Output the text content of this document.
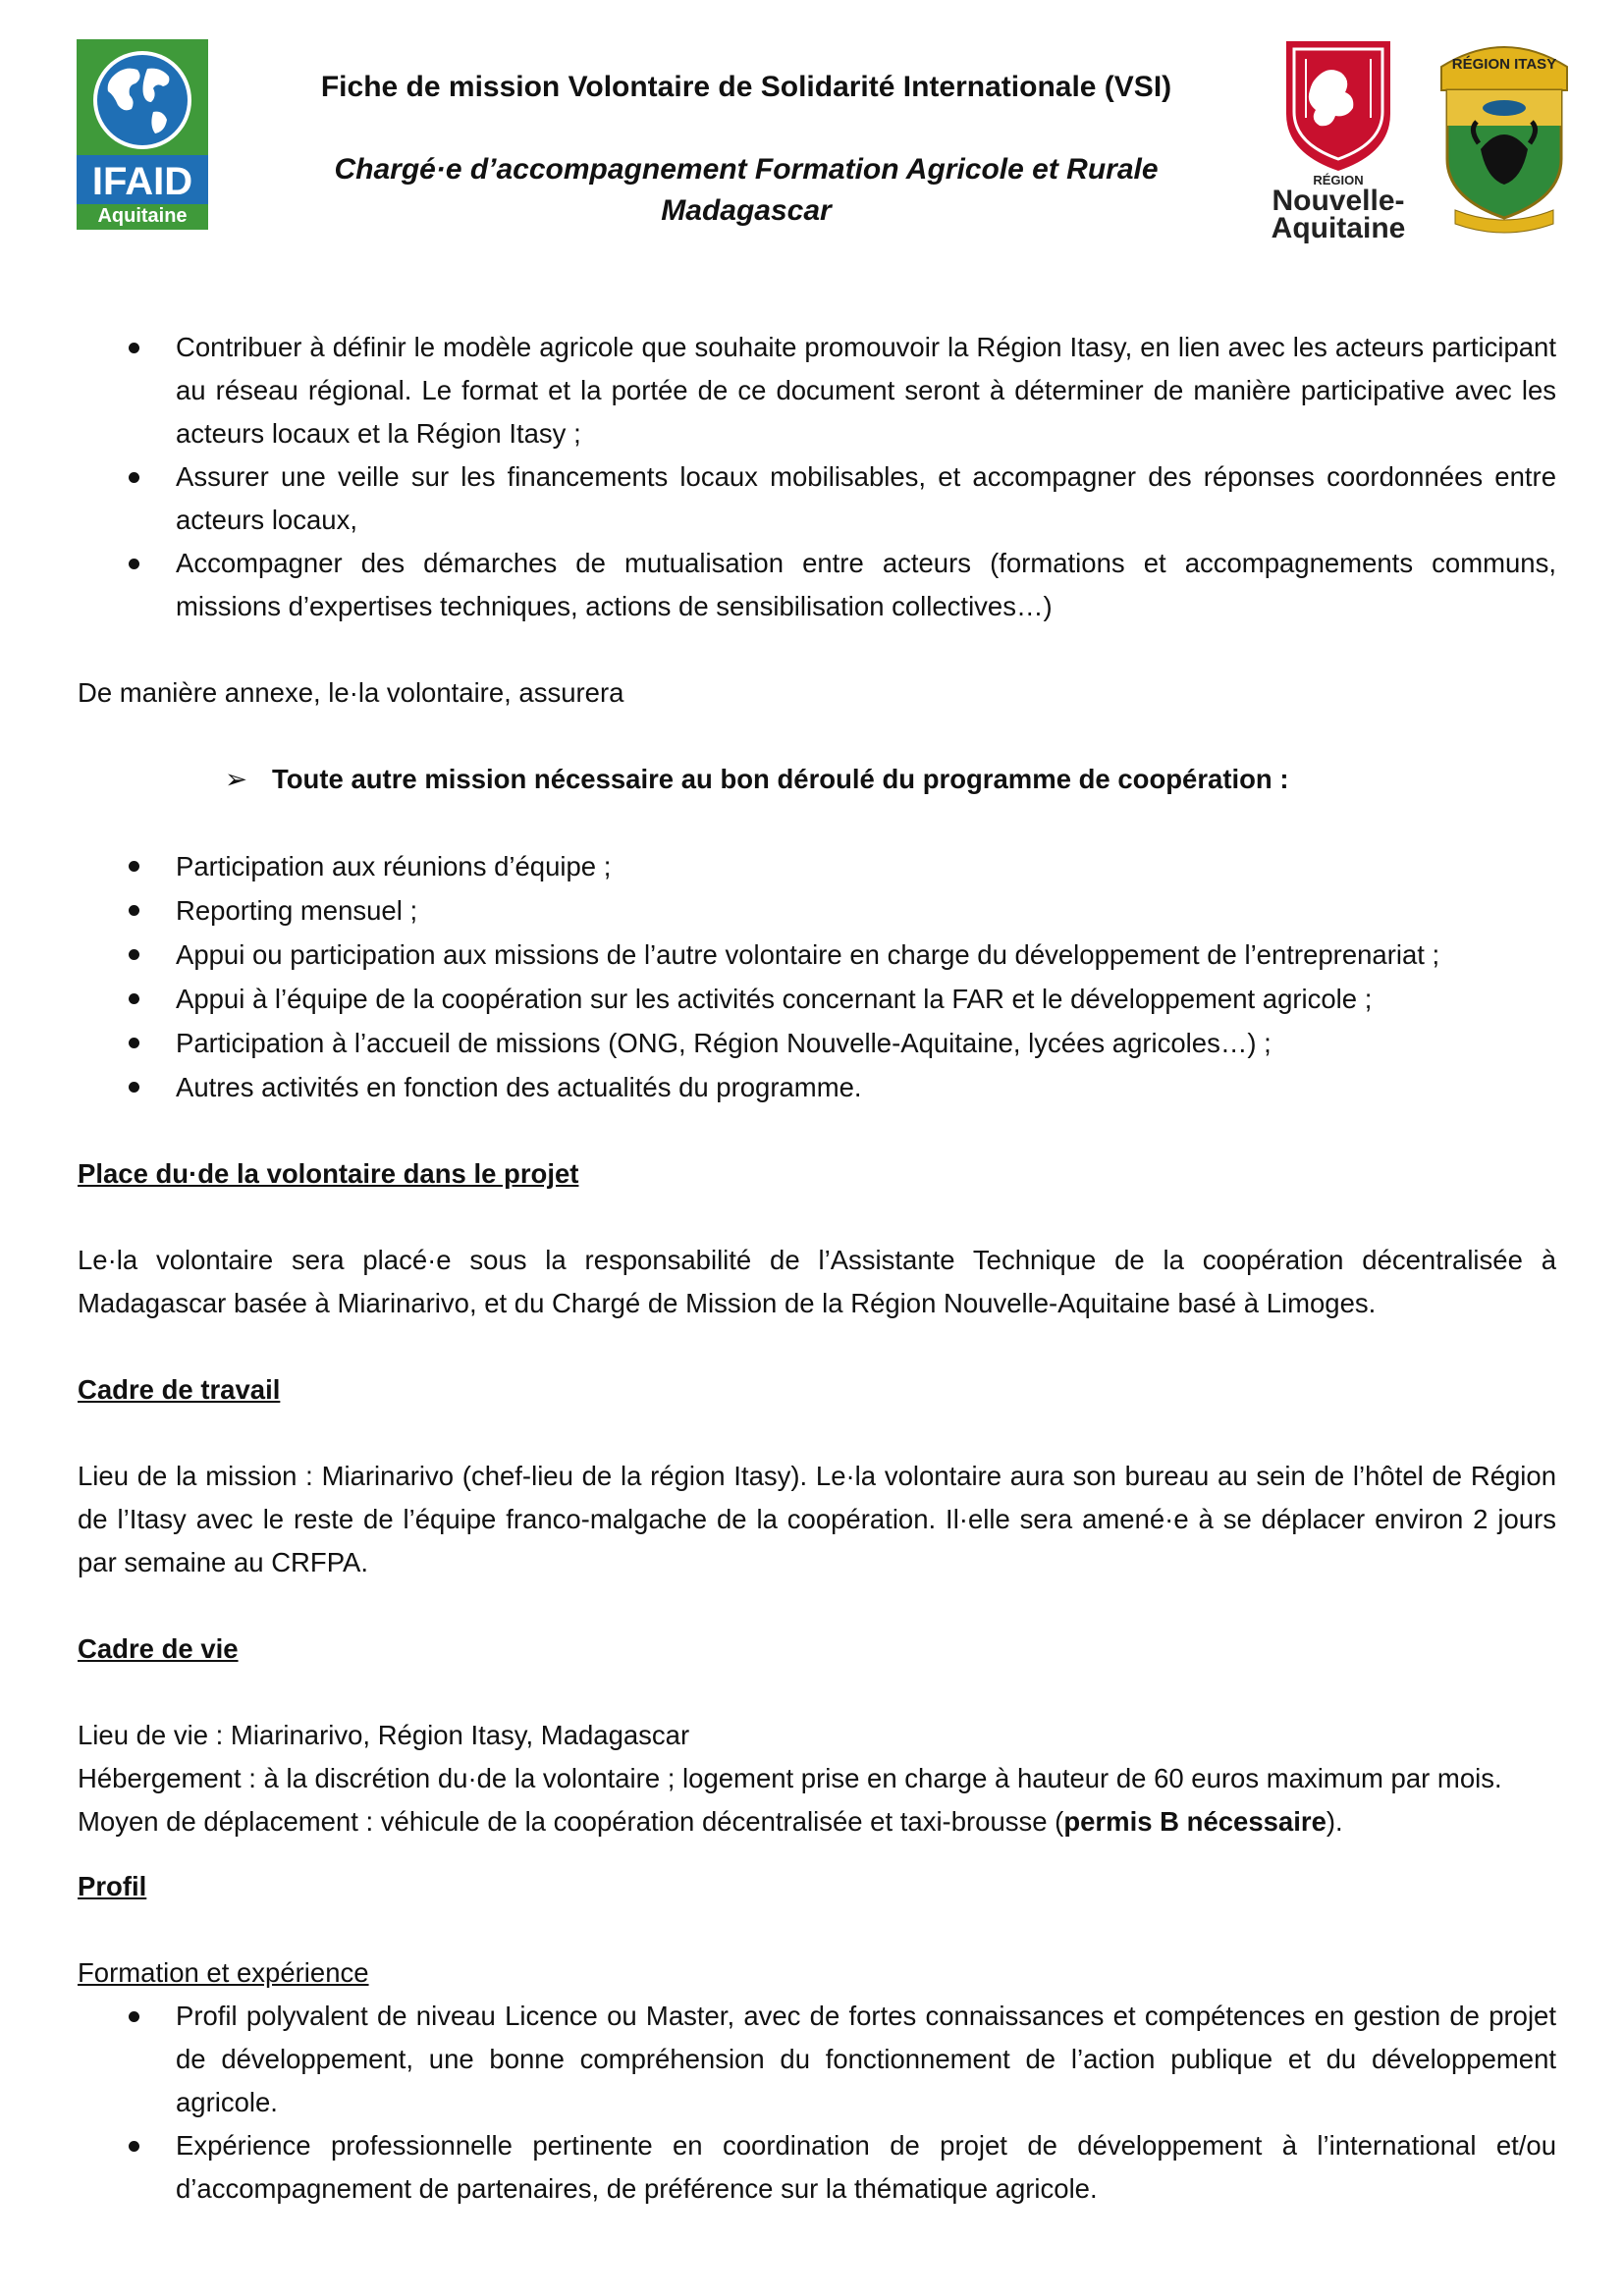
IFAID
Aquitaine
Fiche de mission Volontaire de Solidarité Internationale (VSI)
Chargé·e d’accompagnement Formation Agricole et Rurale
Madagascar
RÉGION
Nouvelle-
Aquitaine
RÉGION ITASY
Contribuer à définir le modèle agricole que souhaite promouvoir la Région Itasy, en lien avec les acteurs participant au réseau régional. Le format et la portée de ce document seront à déterminer de manière participative avec les acteurs locaux et la Région Itasy ;
Assurer une veille sur les financements locaux mobilisables, et accompagner des réponses coordonnées entre acteurs locaux,
Accompagner des démarches de mutualisation entre acteurs (formations et accompagnements communs, missions d’expertises techniques, actions de sensibilisation collectives…)

De manière annexe, le·la volontaire, assurera

➢ Toute autre mission nécessaire au bon déroulé du programme de coopération :
Participation aux réunions d’équipe ;
Reporting mensuel ;
Appui ou participation aux missions de l’autre volontaire en charge du développement de l’entreprenariat ;
Appui à l’équipe de la coopération sur les activités concernant la FAR et le développement agricole ;
Participation à l’accueil de missions (ONG, Région Nouvelle-Aquitaine, lycées agricoles…) ;
Autres activités en fonction des actualités du programme.

Place du·de la volontaire dans le projet

Le·la volontaire sera placé·e sous la responsabilité de l’Assistante Technique de la coopération décentralisée à Madagascar basée à Miarinarivo, et du Chargé de Mission de la Région Nouvelle-Aquitaine basé à Limoges.

Cadre de travail

Lieu de la mission : Miarinarivo (chef-lieu de la région Itasy). Le·la volontaire aura son bureau au sein de l’hôtel de Région de l’Itasy avec le reste de l’équipe franco-malgache de la coopération. Il·elle sera amené·e à se déplacer environ 2 jours par semaine au CRFPA.

Cadre de vie

Lieu de vie : Miarinarivo, Région Itasy, Madagascar

Hébergement : à la discrétion du·de la volontaire ; logement prise en charge à hauteur de 60 euros maximum par mois.

Moyen de déplacement : véhicule de la coopération décentralisée et taxi-brousse (permis B nécessaire).

Profil

Formation et expérience

Profil polyvalent de niveau Licence ou Master, avec de fortes connaissances et compétences en gestion de projet de développement, une bonne compréhension du fonctionnement de l’action publique et du développement agricole.
Expérience professionnelle pertinente en coordination de projet de développement à l’international et/ou d’accompagnement de partenaires, de préférence sur la thématique agricole.
